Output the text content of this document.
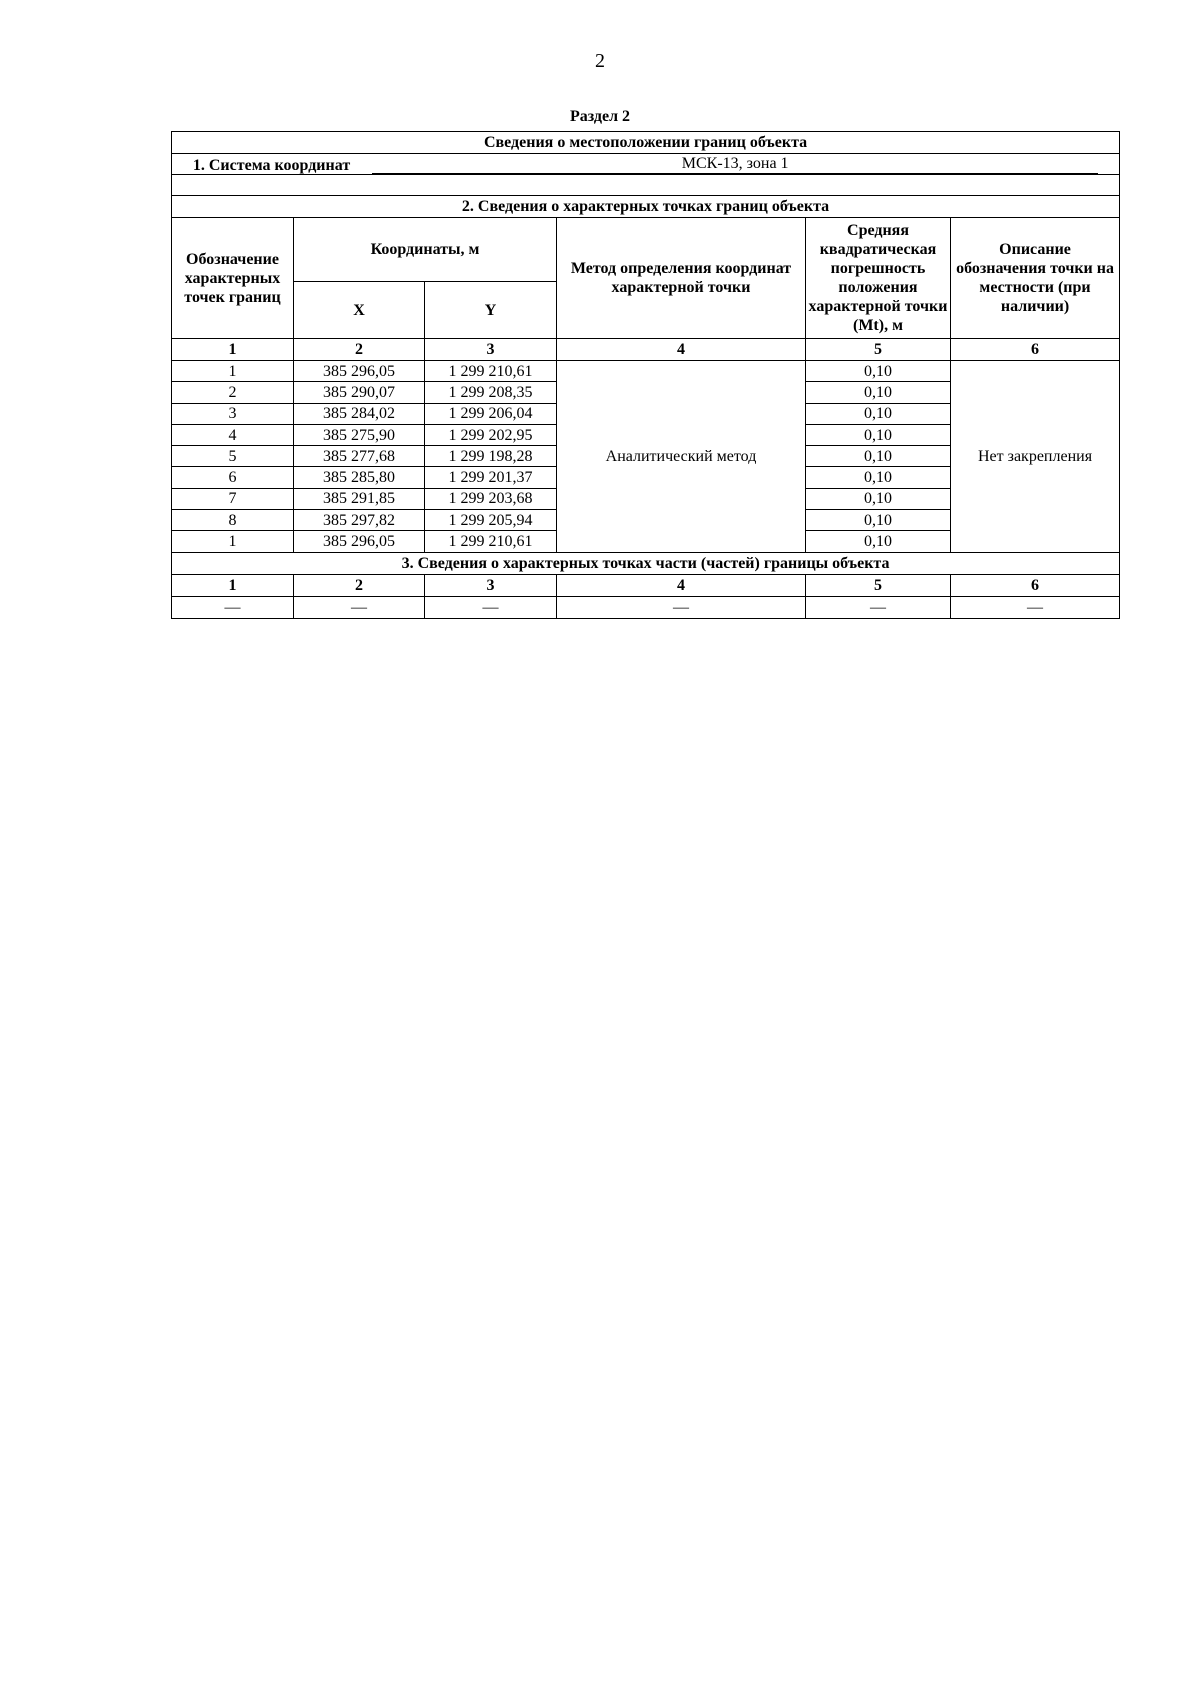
2
Раздел 2
Сведения о местоположении границ объекта					
1. Система координат МСК-13, зона 1					

2. Сведения о характерных точках границ объекта					
Обозначение характерных точек границ	Координаты, м		Метод определения координат характерной точки	Средняя квадратическая погрешность положения характерной точки (Mt), м	Описание обозначения точки на местности (при наличии)
	X	Y			
1	2	3	4	5	6
1	385 296,05	1 299 210,61	Аналитический метод	0,10	Нет закрепления
2	385 290,07	1 299 208,35		0,10	
3	385 284,02	1 299 206,04		0,10	
4	385 275,90	1 299 202,95		0,10	
5	385 277,68	1 299 198,28		0,10	
6	385 285,80	1 299 201,37		0,10	
7	385 291,85	1 299 203,68		0,10	
8	385 297,82	1 299 205,94		0,10	
1	385 296,05	1 299 210,61		0,10	
3. Сведения о характерных точках части (частей) границы объекта					
1	2	3	4	5	6
—	—	—	—	—	—
